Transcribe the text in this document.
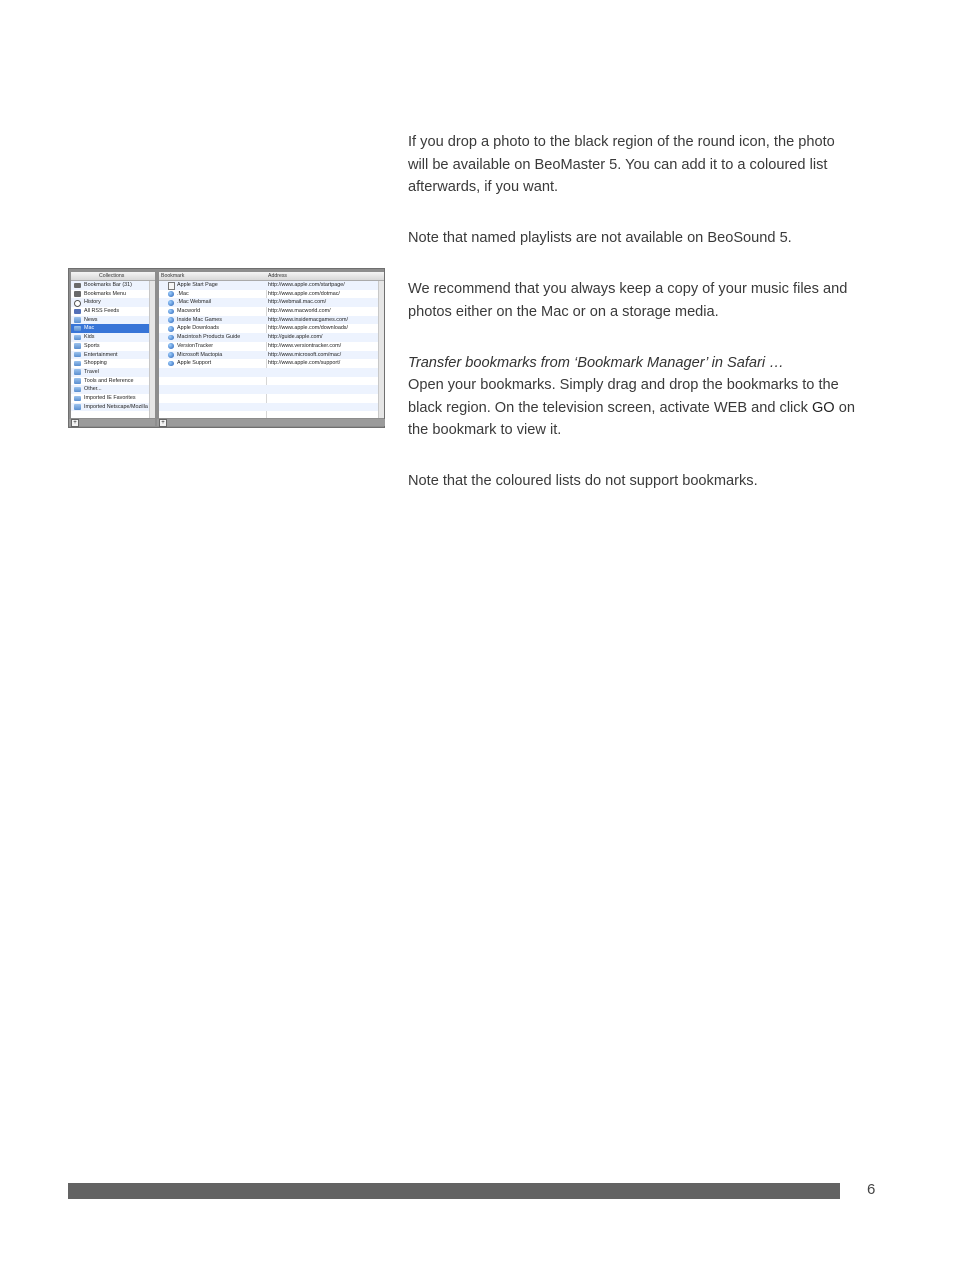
Collections
Bookmarks Bar (31)
Bookmarks Menu
History
All RSS Feeds
News
Mac
Kids
Sports
Entertainment
Shopping
Travel
Tools and Reference
Other...
Imported IE Favorites
Imported Netscape/Mozilla
Bookmark	Address
Apple Start Page	http://www.apple.com/startpage/
.Mac	http://www.apple.com/dotmac/
.Mac Webmail	http://webmail.mac.com/
Macworld	http://www.macworld.com/
Inside Mac Games	http://www.insidemacgames.com/
Apple Downloads	http://www.apple.com/downloads/
Macintosh Products Guide	http://guide.apple.com/
VersionTracker	http://www.versiontracker.com/
Microsoft Mactopia	http://www.microsoft.com/mac/
Apple Support	http://www.apple.com/support/
+	+

If you drop a photo to the black region of the round icon, the photo will be available on BeoMaster 5. You can add it to a coloured list afterwards, if you want.

Note that named playlists are not available on BeoSound 5.

We recommend that you always keep a copy of your music files and photos either on the Mac or on a storage media.

Transfer bookmarks from ‘Bookmark Manager’ in Safari …
Open your bookmarks. Simply drag and drop the bookmarks to the black region. On the television screen, activate WEB and click GO on the bookmark to view it.

Note that the coloured lists do not support bookmarks.

6
